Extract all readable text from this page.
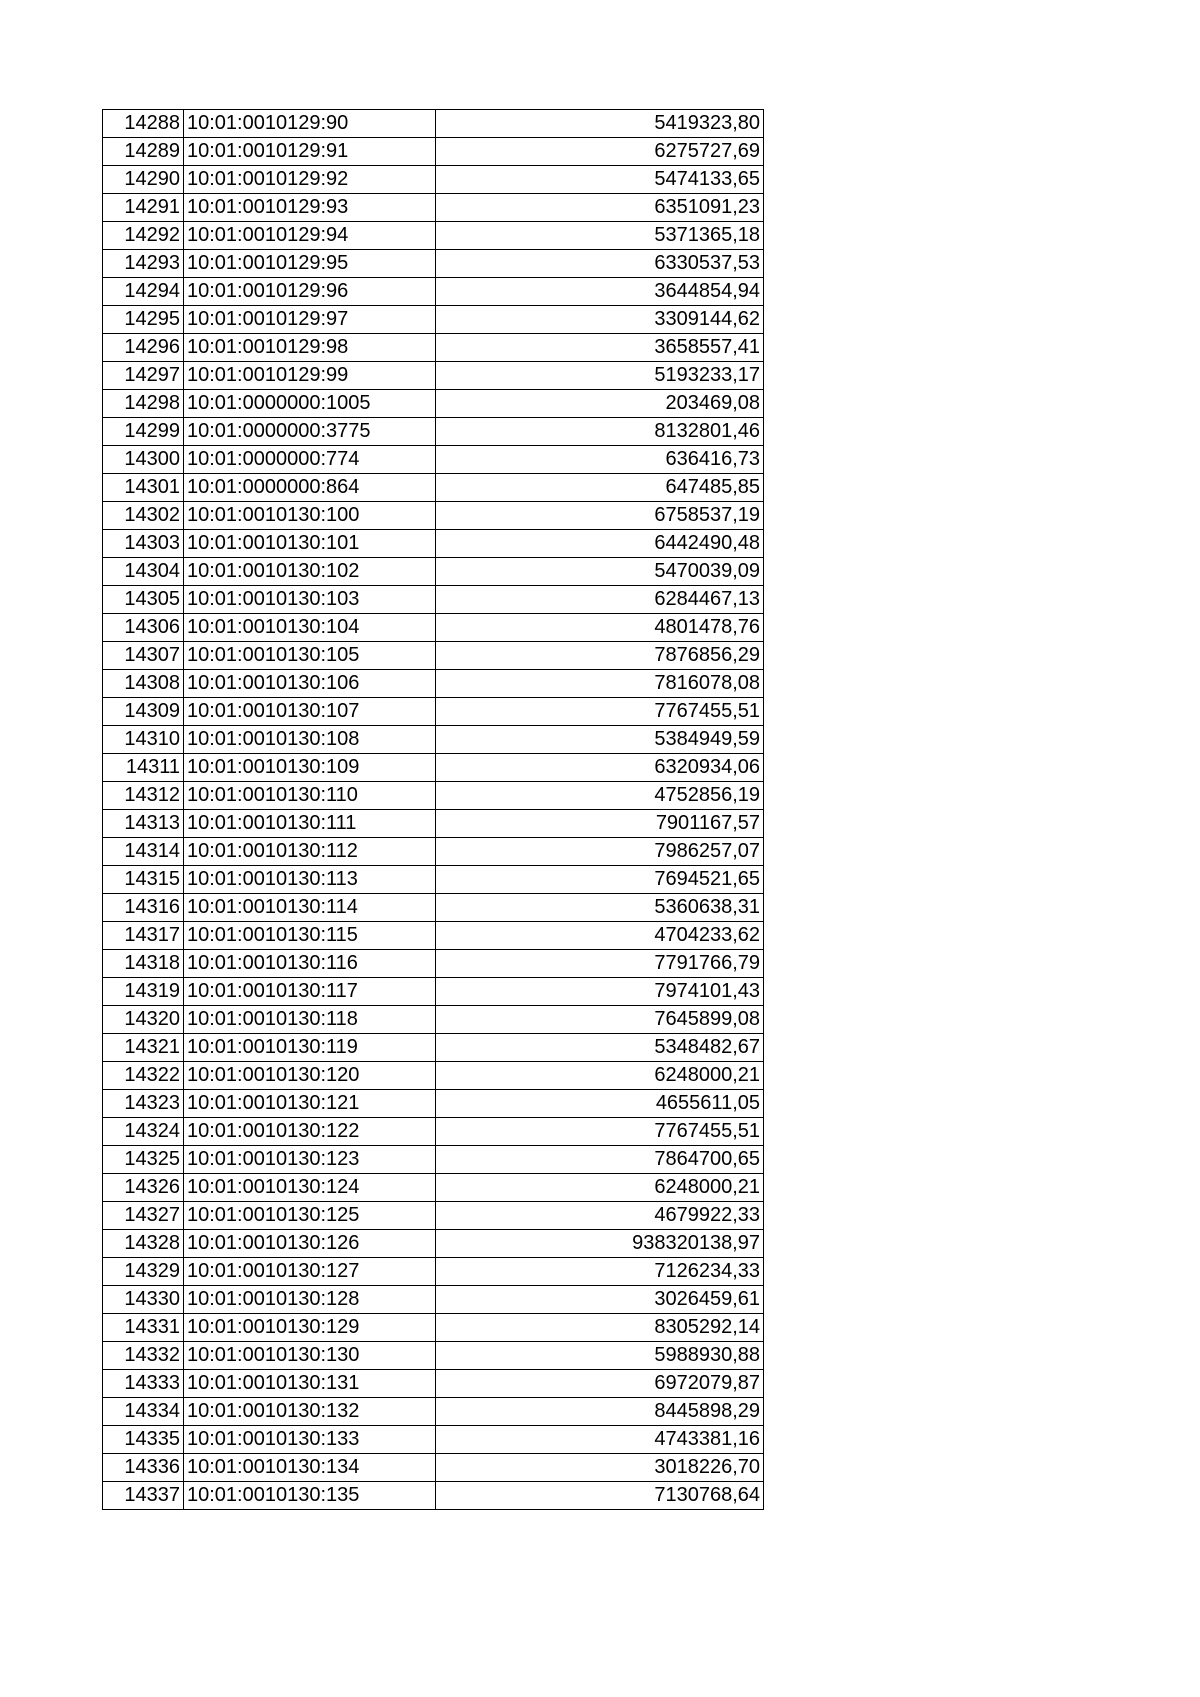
14288	10:01:0010129:90	5419323,80
14289	10:01:0010129:91	6275727,69
14290	10:01:0010129:92	5474133,65
14291	10:01:0010129:93	6351091,23
14292	10:01:0010129:94	5371365,18
14293	10:01:0010129:95	6330537,53
14294	10:01:0010129:96	3644854,94
14295	10:01:0010129:97	3309144,62
14296	10:01:0010129:98	3658557,41
14297	10:01:0010129:99	5193233,17
14298	10:01:0000000:1005	203469,08
14299	10:01:0000000:3775	8132801,46
14300	10:01:0000000:774	636416,73
14301	10:01:0000000:864	647485,85
14302	10:01:0010130:100	6758537,19
14303	10:01:0010130:101	6442490,48
14304	10:01:0010130:102	5470039,09
14305	10:01:0010130:103	6284467,13
14306	10:01:0010130:104	4801478,76
14307	10:01:0010130:105	7876856,29
14308	10:01:0010130:106	7816078,08
14309	10:01:0010130:107	7767455,51
14310	10:01:0010130:108	5384949,59
14311	10:01:0010130:109	6320934,06
14312	10:01:0010130:110	4752856,19
14313	10:01:0010130:111	7901167,57
14314	10:01:0010130:112	7986257,07
14315	10:01:0010130:113	7694521,65
14316	10:01:0010130:114	5360638,31
14317	10:01:0010130:115	4704233,62
14318	10:01:0010130:116	7791766,79
14319	10:01:0010130:117	7974101,43
14320	10:01:0010130:118	7645899,08
14321	10:01:0010130:119	5348482,67
14322	10:01:0010130:120	6248000,21
14323	10:01:0010130:121	4655611,05
14324	10:01:0010130:122	7767455,51
14325	10:01:0010130:123	7864700,65
14326	10:01:0010130:124	6248000,21
14327	10:01:0010130:125	4679922,33
14328	10:01:0010130:126	938320138,97
14329	10:01:0010130:127	7126234,33
14330	10:01:0010130:128	3026459,61
14331	10:01:0010130:129	8305292,14
14332	10:01:0010130:130	5988930,88
14333	10:01:0010130:131	6972079,87
14334	10:01:0010130:132	8445898,29
14335	10:01:0010130:133	4743381,16
14336	10:01:0010130:134	3018226,70
14337	10:01:0010130:135	7130768,64
